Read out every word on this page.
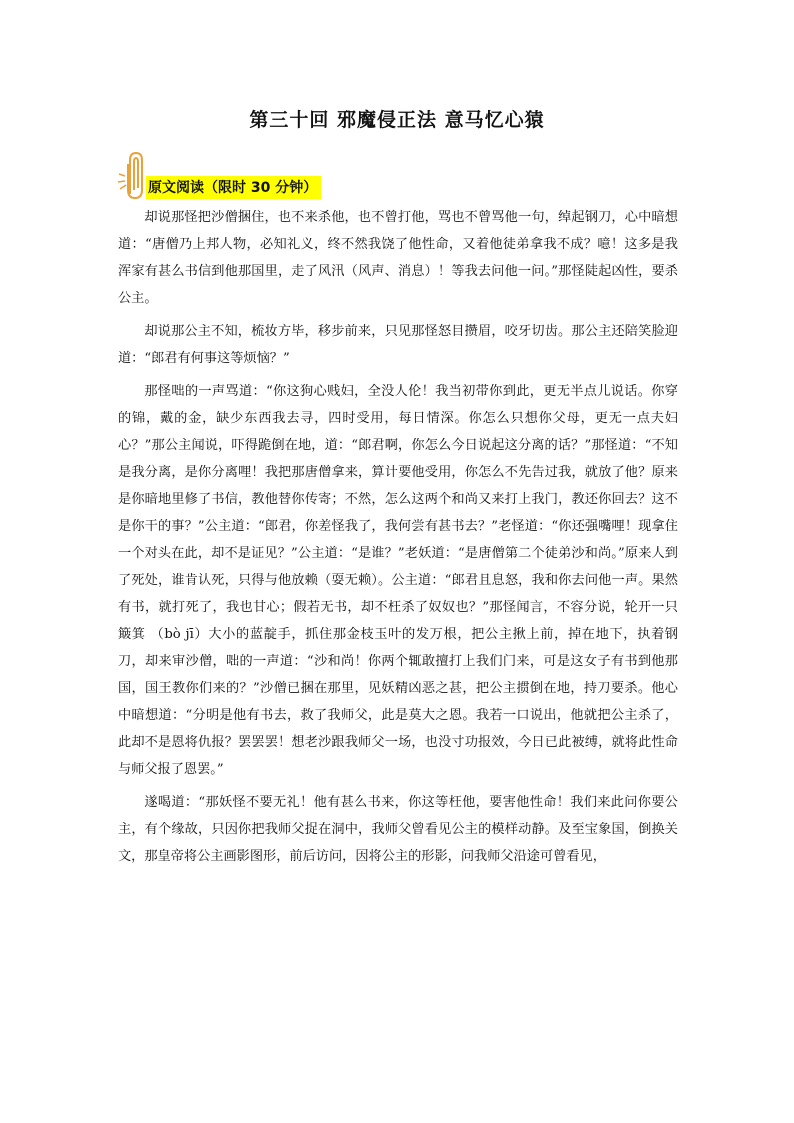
第三十回 邪魔侵正法 意马忆心猿
原文阅读（限时 30 分钟）

却说那怪把沙僧捆住，也不来杀他，也不曾打他，骂也不曾骂他一句，绰起钢刀，心中暗想道：“唐僧乃上邦人物，必知礼义，终不然我饶了他性命，又着他徒弟拿我不成？噫！这多是我浑家有甚么书信到他那国里，走了风汛（风声、消息）！等我去问他一问。”那怪陡起凶性，要杀公主。

却说那公主不知，梳妆方毕，移步前来，只见那怪怒目攒眉，咬牙切齿。那公主还陪笑脸迎道：“郎君有何事这等烦恼？”

那怪咄的一声骂道：“你这狗心贱妇，全没人伦！我当初带你到此，更无半点儿说话。你穿的锦，戴的金，缺少东西我去寻，四时受用，每日情深。你怎么只想你父母，更无一点夫妇心？”那公主闻说，吓得跪倒在地，道：“郎君啊，你怎么今日说起这分离的话？”那怪道：“不知是我分离，是你分离哩！我把那唐僧拿来，算计要他受用，你怎么不先告过我，就放了他？原来是你暗地里修了书信，教他替你传寄；不然，怎么这两个和尚又来打上我门，教还你回去？这不是你干的事？”公主道：“郎君，你差怪我了，我何尝有甚书去？”老怪道：“你还强嘴哩！现拿住一个对头在此，却不是证见？”公主道：“是谁？”老妖道：“是唐僧第二个徒弟沙和尚。”原来人到了死处，谁肯认死，只得与他放赖（耍无赖）。公主道：“郎君且息怒，我和你去问他一声。果然有书，就打死了，我也甘心；假若无书，却不枉杀了奴奴也？”那怪闻言，不容分说，轮开一只簸箕 （bò jī）大小的蓝靛手，抓住那金枝玉叶的发万根，把公主揪上前，掉在地下，执着钢刀，却来审沙僧，咄的一声道：“沙和尚！你两个辄敢擅打上我们门来，可是这女子有书到他那国，国王教你们来的？”沙僧已捆在那里，见妖精凶恶之甚，把公主掼倒在地，持刀要杀。他心中暗想道：“分明是他有书去，救了我师父，此是莫大之恩。我若一口说出，他就把公主杀了，此却不是恩将仇报？罢罢罢！想老沙跟我师父一场，也没寸功报效，今日已此被缚，就将此性命与师父报了恩罢。”

遂喝道：“那妖怪不要无礼！他有甚么书来，你这等枉他，要害他性命！我们来此问你要公主，有个缘故，只因你把我师父捉在洞中，我师父曾看见公主的模样动静。及至宝象国，倒换关文，那皇帝将公主画影图形，前后访问，因将公主的形影，问我师父沿途可曾看见，
